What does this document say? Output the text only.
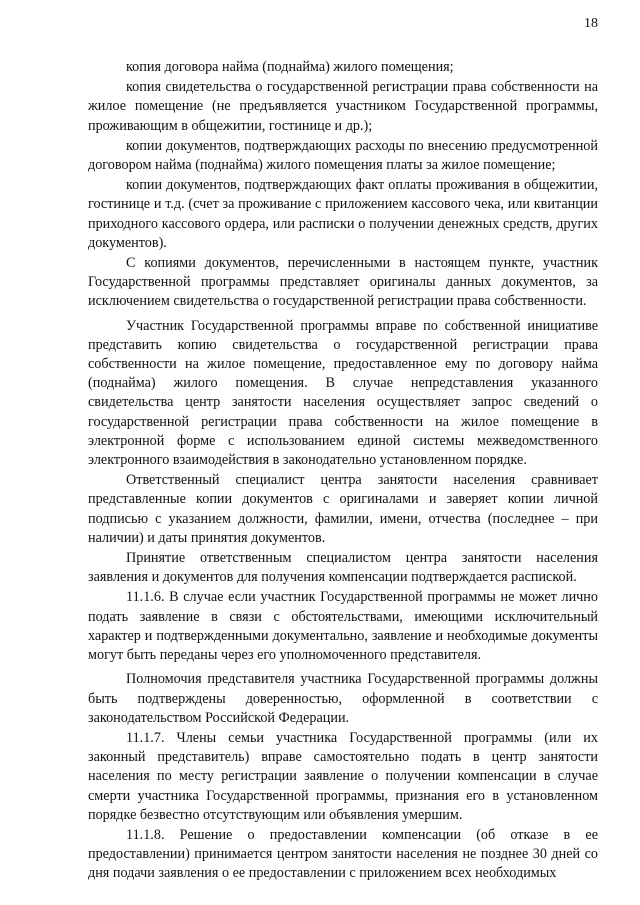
18

копия договора найма (поднайма) жилого помещения;

копия свидетельства о государственной регистрации права собственности на жилое помещение (не предъявляется участником Государственной программы, проживающим в общежитии, гостинице и др.);

копии документов, подтверждающих расходы по внесению предусмотренной договором найма (поднайма) жилого помещения платы за жилое помещение;

копии документов, подтверждающих факт оплаты проживания в общежитии, гостинице и т.д. (счет за проживание с приложением кассового чека, или квитанции приходного кассового ордера, или расписки о получении денежных средств, других документов).

С копиями документов, перечисленными в настоящем пункте, участник Государственной программы представляет оригиналы данных документов, за исключением свидетельства о государственной регистрации права собственности.

Участник Государственной программы вправе по собственной инициативе представить копию свидетельства о государственной регистрации права собственности на жилое помещение, предоставленное ему по договору найма (поднайма) жилого помещения. В случае непредставления указанного свидетельства центр занятости населения осуществляет запрос сведений о государственной регистрации права собственности на жилое помещение в электронной форме с использованием единой системы межведомственного электронного взаимодействия в законодательно установленном порядке.

Ответственный специалист центра занятости населения сравнивает представленные копии документов с оригиналами и заверяет копии личной подписью с указанием должности, фамилии, имени, отчества (последнее – при наличии) и даты принятия документов.

Принятие ответственным специалистом центра занятости населения заявления и документов для получения компенсации подтверждается распиской.

11.1.6. В случае если участник Государственной программы не может лично подать заявление в связи с обстоятельствами, имеющими исключительный характер и подтвержденными документально, заявление и необходимые документы могут быть переданы через его уполномоченного представителя.

Полномочия представителя участника Государственной программы должны быть подтверждены доверенностью, оформленной в соответствии с законодательством Российской Федерации.

11.1.7. Члены семьи участника Государственной программы (или их законный представитель) вправе самостоятельно подать в центр занятости населения по месту регистрации заявление о получении компенсации в случае смерти участника Государственной программы, признания его в установленном порядке безвестно отсутствующим или объявления умершим.

11.1.8. Решение о предоставлении компенсации (об отказе в ее предоставлении) принимается центром занятости населения не позднее 30 дней со дня подачи заявления о ее предоставлении с приложением всех необходимых
